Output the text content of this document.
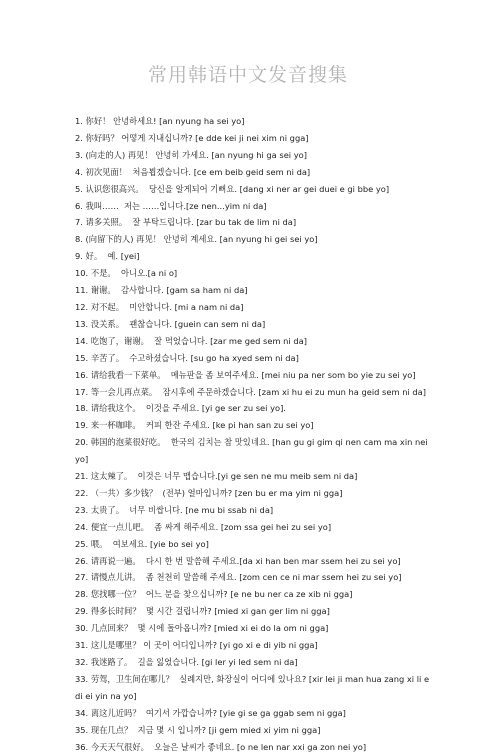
常用韩语中文发音搜集
1. 你好！ 안녕하세요! [an nyung ha sei yo]
2. 你好吗？ 어떻게 지내십니까? [e dde kei ji nei xim ni gga]
3. (向走的人) 再见！ 안녕히 가세요. [an nyung hi ga sei yo]
4. 初次见面！  처음뵙겠습니다. [ce em beib geid sem ni da]
5. 认识您很高兴。  당신을 알게되어 기뻐요. [dang xi ner ar gei duei e gi bbe yo]
6. 我叫……  저는 ……입니다.[ze nen...yim ni da]
7. 请多关照。  잘 부탁드립니다. [zar bu tak de lim ni da]
8. (向留下的人) 再见！ 안녕히 계세요. [an nyung hi gei sei yo]
9. 好。  예. [yei]
10. 不是。  아니오.[a ni o]
11. 谢谢。  감사합니다. [gam sa ham ni da]
12. 对不起。  미안합니다. [mi a nam ni da]
13. 没关系。  괜찮습니다. [guein can sem ni da]
14. 吃饱了，谢谢。  잘 먹었습니다. [zar me ged sem ni da]
15. 辛苦了。  수고하셨습니다. [su go ha xyed sem ni da]
16. 请给我看一下菜单。  메뉴판을 좀 보여주세요. [mei niu pa ner som bo yie zu sei yo]
17. 等一会儿再点菜。  잠시후에 주문하겠습니다. [zam xi hu ei zu mun ha geid sem ni da]
18. 请给我这个。  이것을 주세요. [yi ge ser zu sei yo].
19. 来一杯咖啡。  커피 한잔 주세요. [ke pi han san zu sei yo]
20. 韩国的泡菜很好吃。  한국의 김치는 참 맛있네요. [han gu gi gim qi nen cam ma xin nei yo]
21. 这太辣了。  이것은 너무 맵습니다.[yi ge sen ne mu meib sem ni da]
22. （一共）多少钱？  (전부) 얼마입니까? [zen bu er ma yim ni gga]
23. 太贵了。  너무 비쌉니다. [ne mu bi ssab ni da]
24. 便宜一点儿吧。  좀 싸게 해주세요. [zom ssa gei hei zu sei yo]
25. 喂。  여보세요. [yie bo sei yo]
26. 请再说一遍。  다시 한 번 말씀해 주세요.[da xi han ben mar ssem hei zu sei yo]
27. 请慢点儿讲。  좀 천천히 말씀해 주세요. [zom cen ce ni mar ssem hei zu sei yo]
28. 您找哪一位？  어느 분을 찾으십니까? [e ne bu ner ca ze xib ni gga]
29. 得多长时间？  몇 시간 걸립니까? [mied xi gan ger lim ni gga]
30. 几点回来？  몇 시에 돌아옵니까? [mied xi ei do la om ni gga]
31. 这儿是哪里？ 이 곳이 어디입니까? [yi go xi e di yib ni gga]
32. 我迷路了。  길을 잃었습니다. [gi ler yi led sem ni da]
33. 劳驾，卫生间在哪儿？  실례지만, 화장실이 어디에 있나요? [xir lei ji man hua zang xi li e di ei yin na yo]
34. 离这儿近吗？  여기서 가깝습니까? [yie gi se ga ggab sem ni gga]
35. 现在几点？  지금 몇 시 입니까? [ji gem mied xi yim ni gga]
36. 今天天气很好。  오늘은 날씨가 좋네요. [o ne len nar xxi ga zon nei yo]
